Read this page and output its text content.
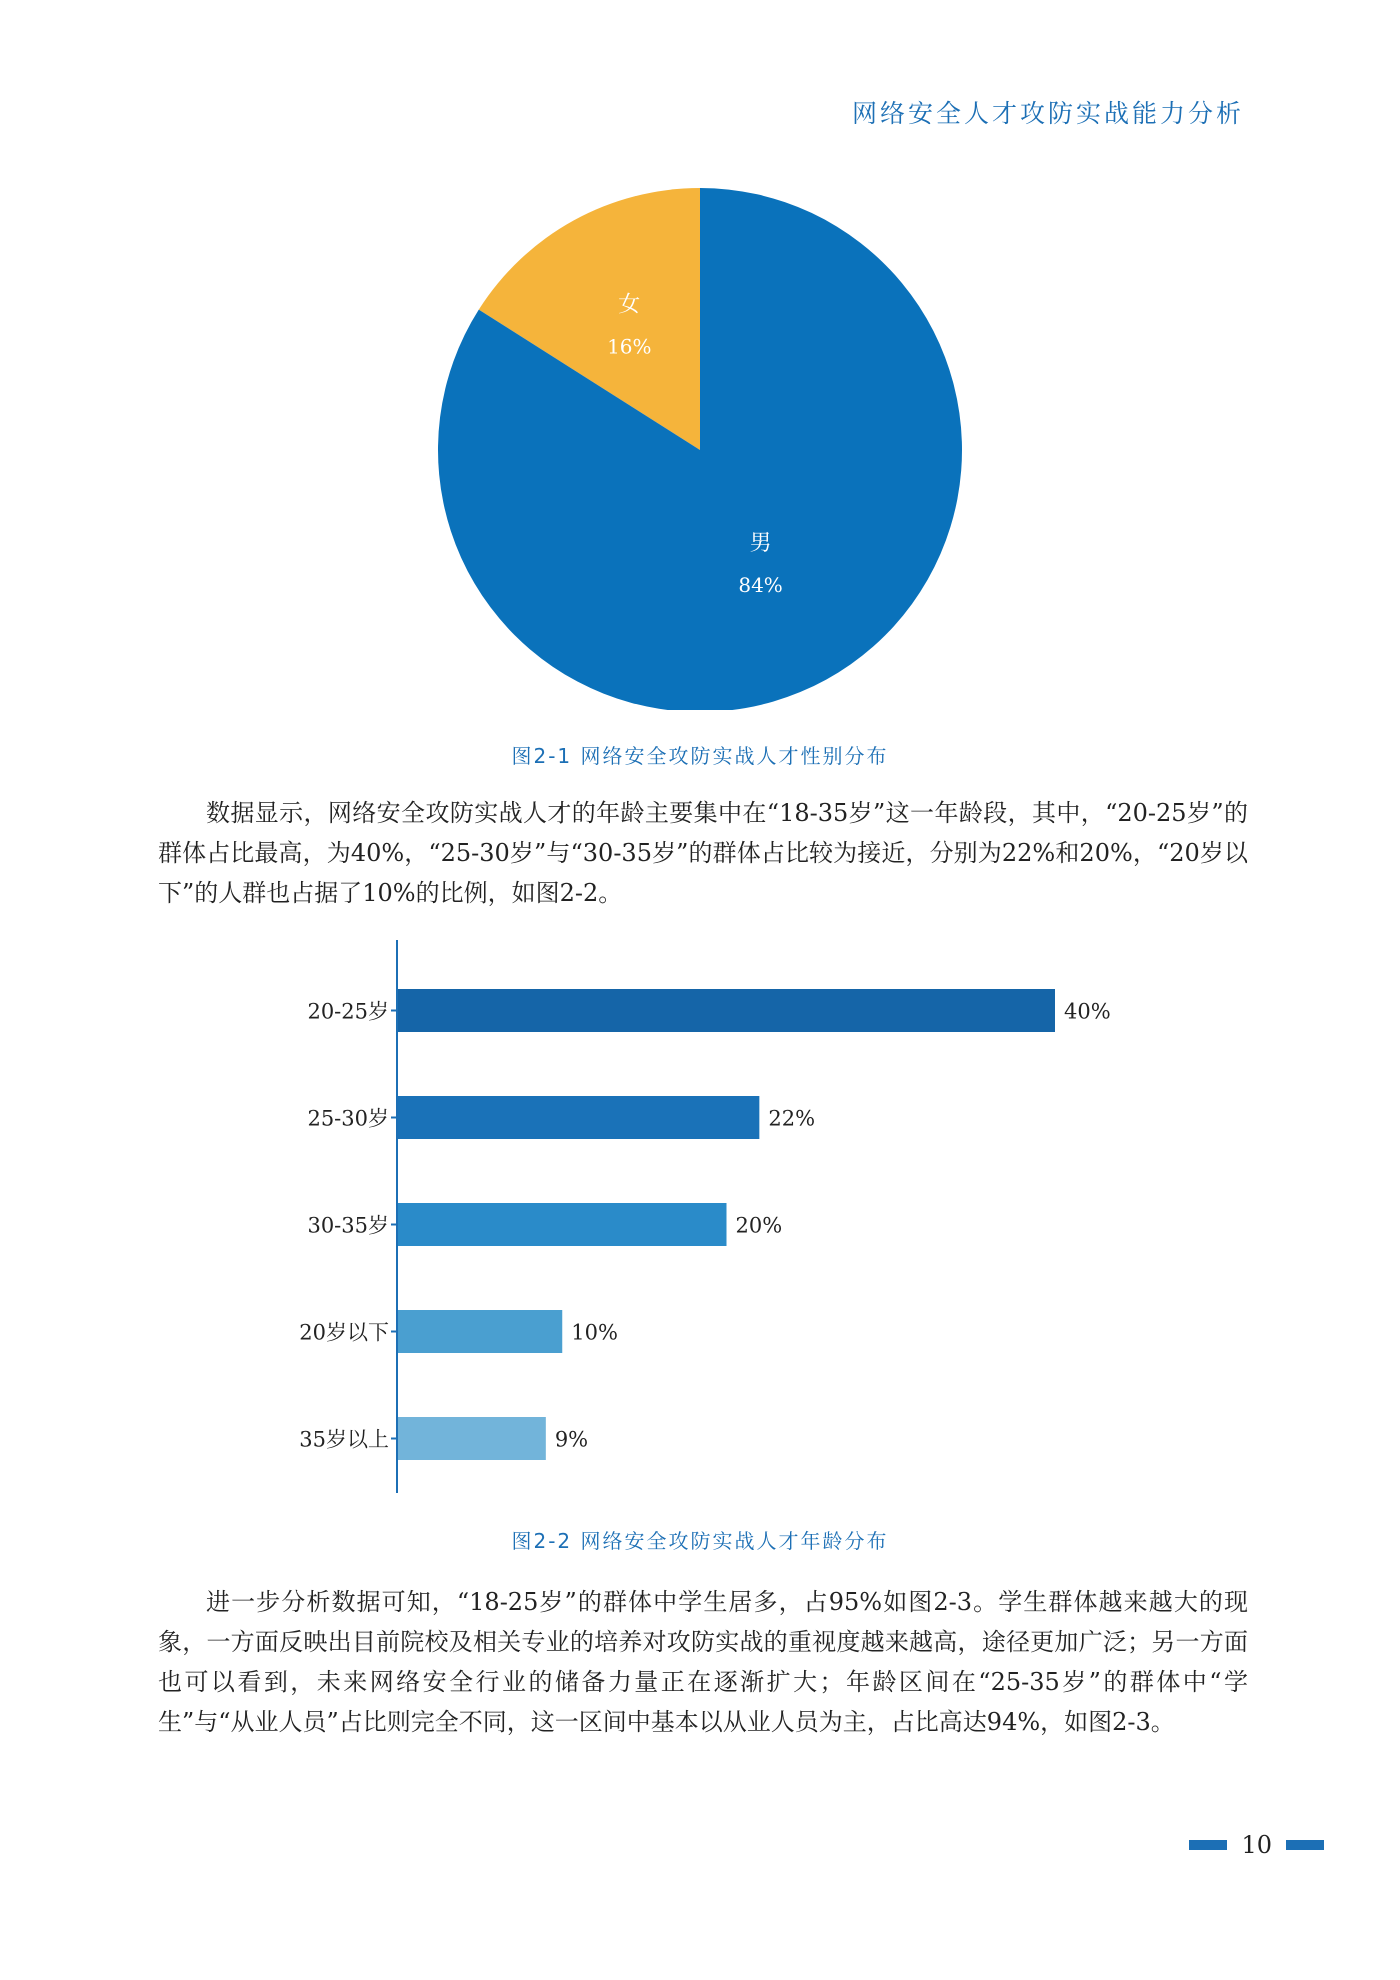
网络安全人才攻防实战能力分析
女
16%
男
84%
图2-1 网络安全攻防实战人才性别分布

数据显示，网络安全攻防实战人才的年龄主要集中在“18-35岁”这一年龄段，其中，“20-25岁”的群体占比最高，为40%，“25-30岁”与“30-35岁”的群体占比较为接近，分别为22%和20%，“20岁以下”的人群也占据了10%的比例，如图2-2。

20-25岁	40%
25-30岁	22%
30-35岁	20%
20岁以下	10%
35岁以上	9%
图2-2 网络安全攻防实战人才年龄分布

进一步分析数据可知，“18-25岁”的群体中学生居多，占95%如图2-3。学生群体越来越大的现象，一方面反映出目前院校及相关专业的培养对攻防实战的重视度越来越高，途径更加广泛；另一方面也可以看到，未来网络安全行业的储备力量正在逐渐扩大；年龄区间在“25-35岁”的群体中“学生”与“从业人员”占比则完全不同，这一区间中基本以从业人员为主，占比高达94%，如图2-3。

10
